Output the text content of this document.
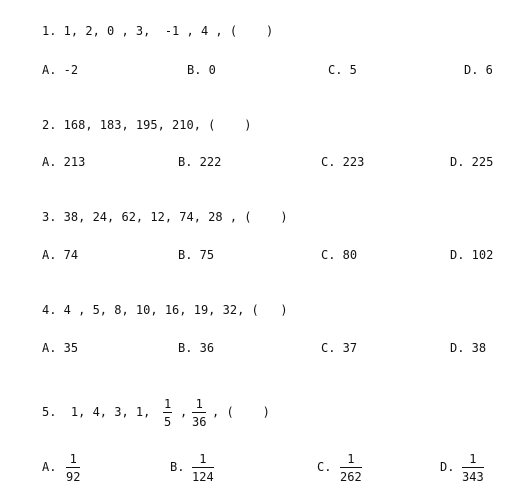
1. 1, 2, 0 , 3,  -1 , 4 , (    )
A. -2	B. 0	C. 5	D. 6
2. 168, 183, 195, 210, (    )
A. 213	B. 222	C. 223	D. 225
3. 38, 24, 62, 12, 74, 28 , (    )
A. 74	B. 75	C. 80	D. 102
4. 4 , 5, 8, 10, 16, 19, 32, (   )
A. 35	B. 36	C. 37	D. 38
5.  1, 4, 3, 1, $\frac{1}{5}$ , $\frac{1}{36}$ , (    )
A. $\frac{1}{92}$	B. $\frac{1}{124}$	C. $\frac{1}{262}$	D. $\frac{1}{343}$
